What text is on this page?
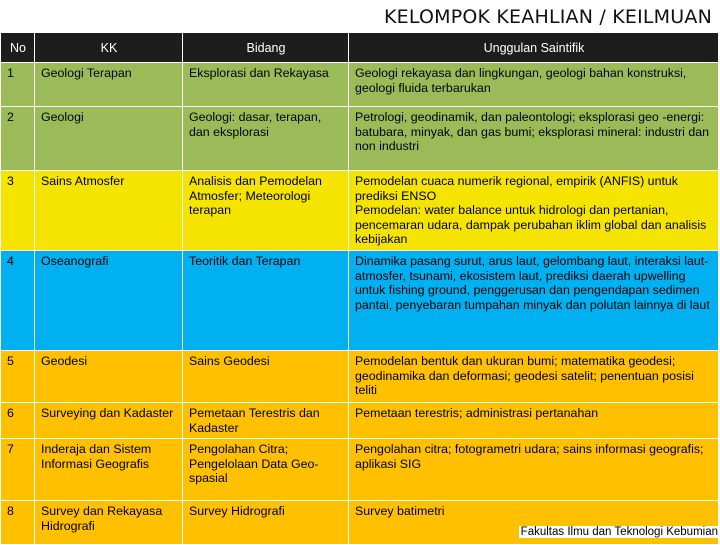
KELOMPOK KEAHLIAN / KEILMUAN
No	KK	Bidang	Unggulan Saintifik
1	Geologi Terapan	Eksplorasi dan Rekayasa	Geologi rekayasa dan lingkungan, geologi bahan konstruksi, geologi fluida terbarukan
2	Geologi	Geologi: dasar, terapan, dan eksplorasi	Petrologi, geodinamik, dan paleontologi; eksplorasi geo -energi: batubara, minyak, dan gas bumi; eksplorasi mineral: industri dan non industri
3	Sains Atmosfer	Analisis dan Pemodelan Atmosfer; Meteorologi terapan	Pemodelan cuaca numerik regional, empirik (ANFIS) untuk prediksi ENSO
Pemodelan: water balance untuk hidrologi dan pertanian, pencemaran udara, dampak perubahan iklim global dan analisis kebijakan

4	Oseanografi	Teoritik dan Terapan	Dinamika pasang surut, arus laut, gelombang laut, interaksi laut-atmosfer, tsunami, ekosistem laut, prediksi daerah upwelling untuk fishing ground, penggerusan dan pengendapan sedimen pantai, penyebaran tumpahan minyak dan polutan lainnya di laut
5	Geodesi	Sains Geodesi	Pemodelan bentuk dan ukuran bumi; matematika geodesi; geodinamika dan deformasi; geodesi satelit; penentuan posisi teliti
6	Surveying dan Kadaster	Pemetaan Terestris dan Kadaster	Pemetaan terestris; administrasi pertanahan
7	Inderaja dan Sistem Informasi Geografis	Pengolahan Citra; Pengelolaan Data Geo-spasial	Pengolahan citra; fotogrametri udara; sains informasi geografis; aplikasi SIG
8	Survey dan Rekayasa Hidrografi	Survey Hidrografi	Survey batimetri
Fakultas Ilmu dan Teknologi Kebumian
